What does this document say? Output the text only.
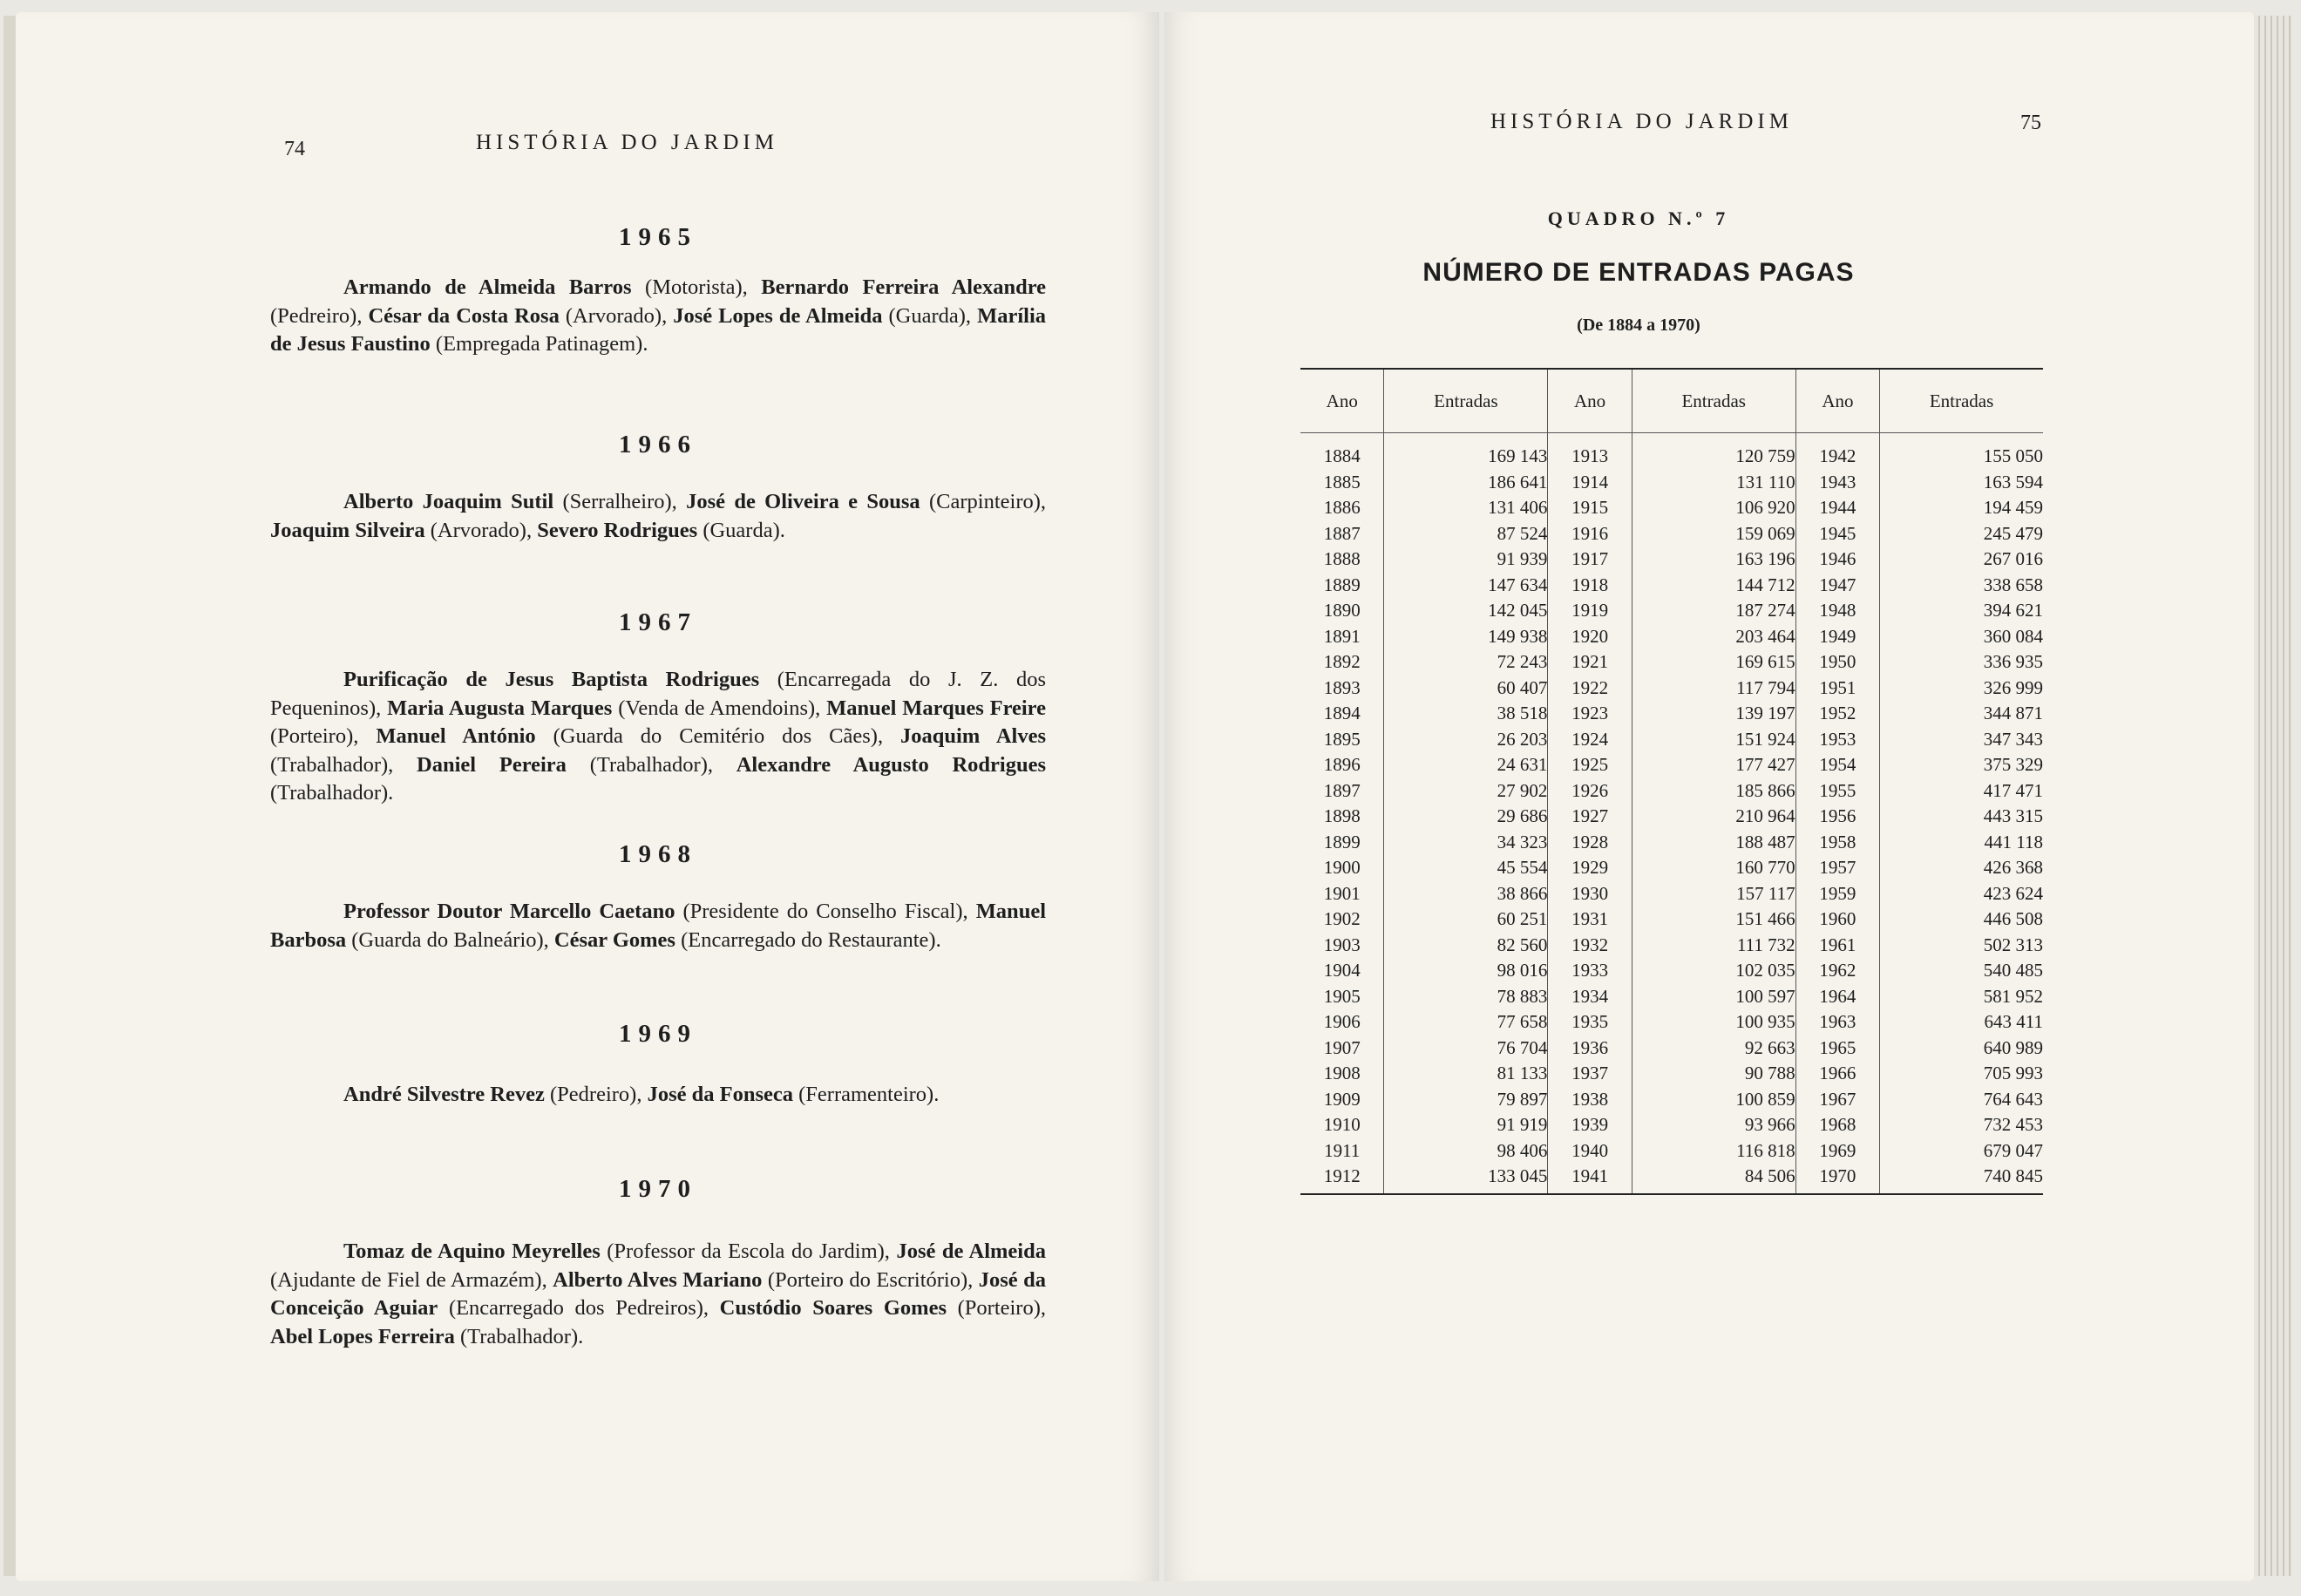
74	HISTÓRIA DO JARDIM
1965
Armando de Almeida Barros (Motorista), Bernardo Ferreira Alexandre (Pedreiro), César da Costa Rosa (Arvorado), José Lopes de Almeida (Guarda), Marília de Jesus Faustino (Empregada Patinagem).
1966
Alberto Joaquim Sutil (Serralheiro), José de Oliveira e Sousa (Carpinteiro), Joaquim Silveira (Arvorado), Severo Rodrigues (Guarda).
1967
Purificação de Jesus Baptista Rodrigues (Encarregada do J. Z. dos Pequeninos), Maria Augusta Marques (Venda de Amendoins), Manuel Marques Freire (Porteiro), Manuel António (Guarda do Cemitério dos Cães), Joaquim Alves (Trabalhador), Daniel Pereira (Trabalhador), Alexandre Augusto Rodrigues (Trabalhador).
1968
Professor Doutor Marcello Caetano (Presidente do Conselho Fiscal), Manuel Barbosa (Guarda do Balneário), César Gomes (Encarregado do Restaurante).
1969
André Silvestre Revez (Pedreiro), José da Fonseca (Ferramenteiro).
1970
Tomaz de Aquino Meyrelles (Professor da Escola do Jardim), José de Almeida (Ajudante de Fiel de Armazém), Alberto Alves Mariano (Porteiro do Escritório), José da Conceição Aguiar (Encarregado dos Pedreiros), Custódio Soares Gomes (Porteiro), Abel Lopes Ferreira (Trabalhador).
HISTÓRIA DO JARDIM	75
QUADRO N.º 7
NÚMERO DE ENTRADAS PAGAS
(De 1884 a 1970)
Ano	Entradas	Ano	Entradas	Ano	Entradas
1884	169 143	1913	120 759	1942	155 050
1885	186 641	1914	131 110	1943	163 594
1886	131 406	1915	106 920	1944	194 459
1887	87 524	1916	159 069	1945	245 479
1888	91 939	1917	163 196	1946	267 016
1889	147 634	1918	144 712	1947	338 658
1890	142 045	1919	187 274	1948	394 621
1891	149 938	1920	203 464	1949	360 084
1892	72 243	1921	169 615	1950	336 935
1893	60 407	1922	117 794	1951	326 999
1894	38 518	1923	139 197	1952	344 871
1895	26 203	1924	151 924	1953	347 343
1896	24 631	1925	177 427	1954	375 329
1897	27 902	1926	185 866	1955	417 471
1898	29 686	1927	210 964	1956	443 315
1899	34 323	1928	188 487	1958	441 118
1900	45 554	1929	160 770	1957	426 368
1901	38 866	1930	157 117	1959	423 624
1902	60 251	1931	151 466	1960	446 508
1903	82 560	1932	111 732	1961	502 313
1904	98 016	1933	102 035	1962	540 485
1905	78 883	1934	100 597	1964	581 952
1906	77 658	1935	100 935	1963	643 411
1907	76 704	1936	92 663	1965	640 989
1908	81 133	1937	90 788	1966	705 993
1909	79 897	1938	100 859	1967	764 643
1910	91 919	1939	93 966	1968	732 453
1911	98 406	1940	116 818	1969	679 047
1912	133 045	1941	84 506	1970	740 845
